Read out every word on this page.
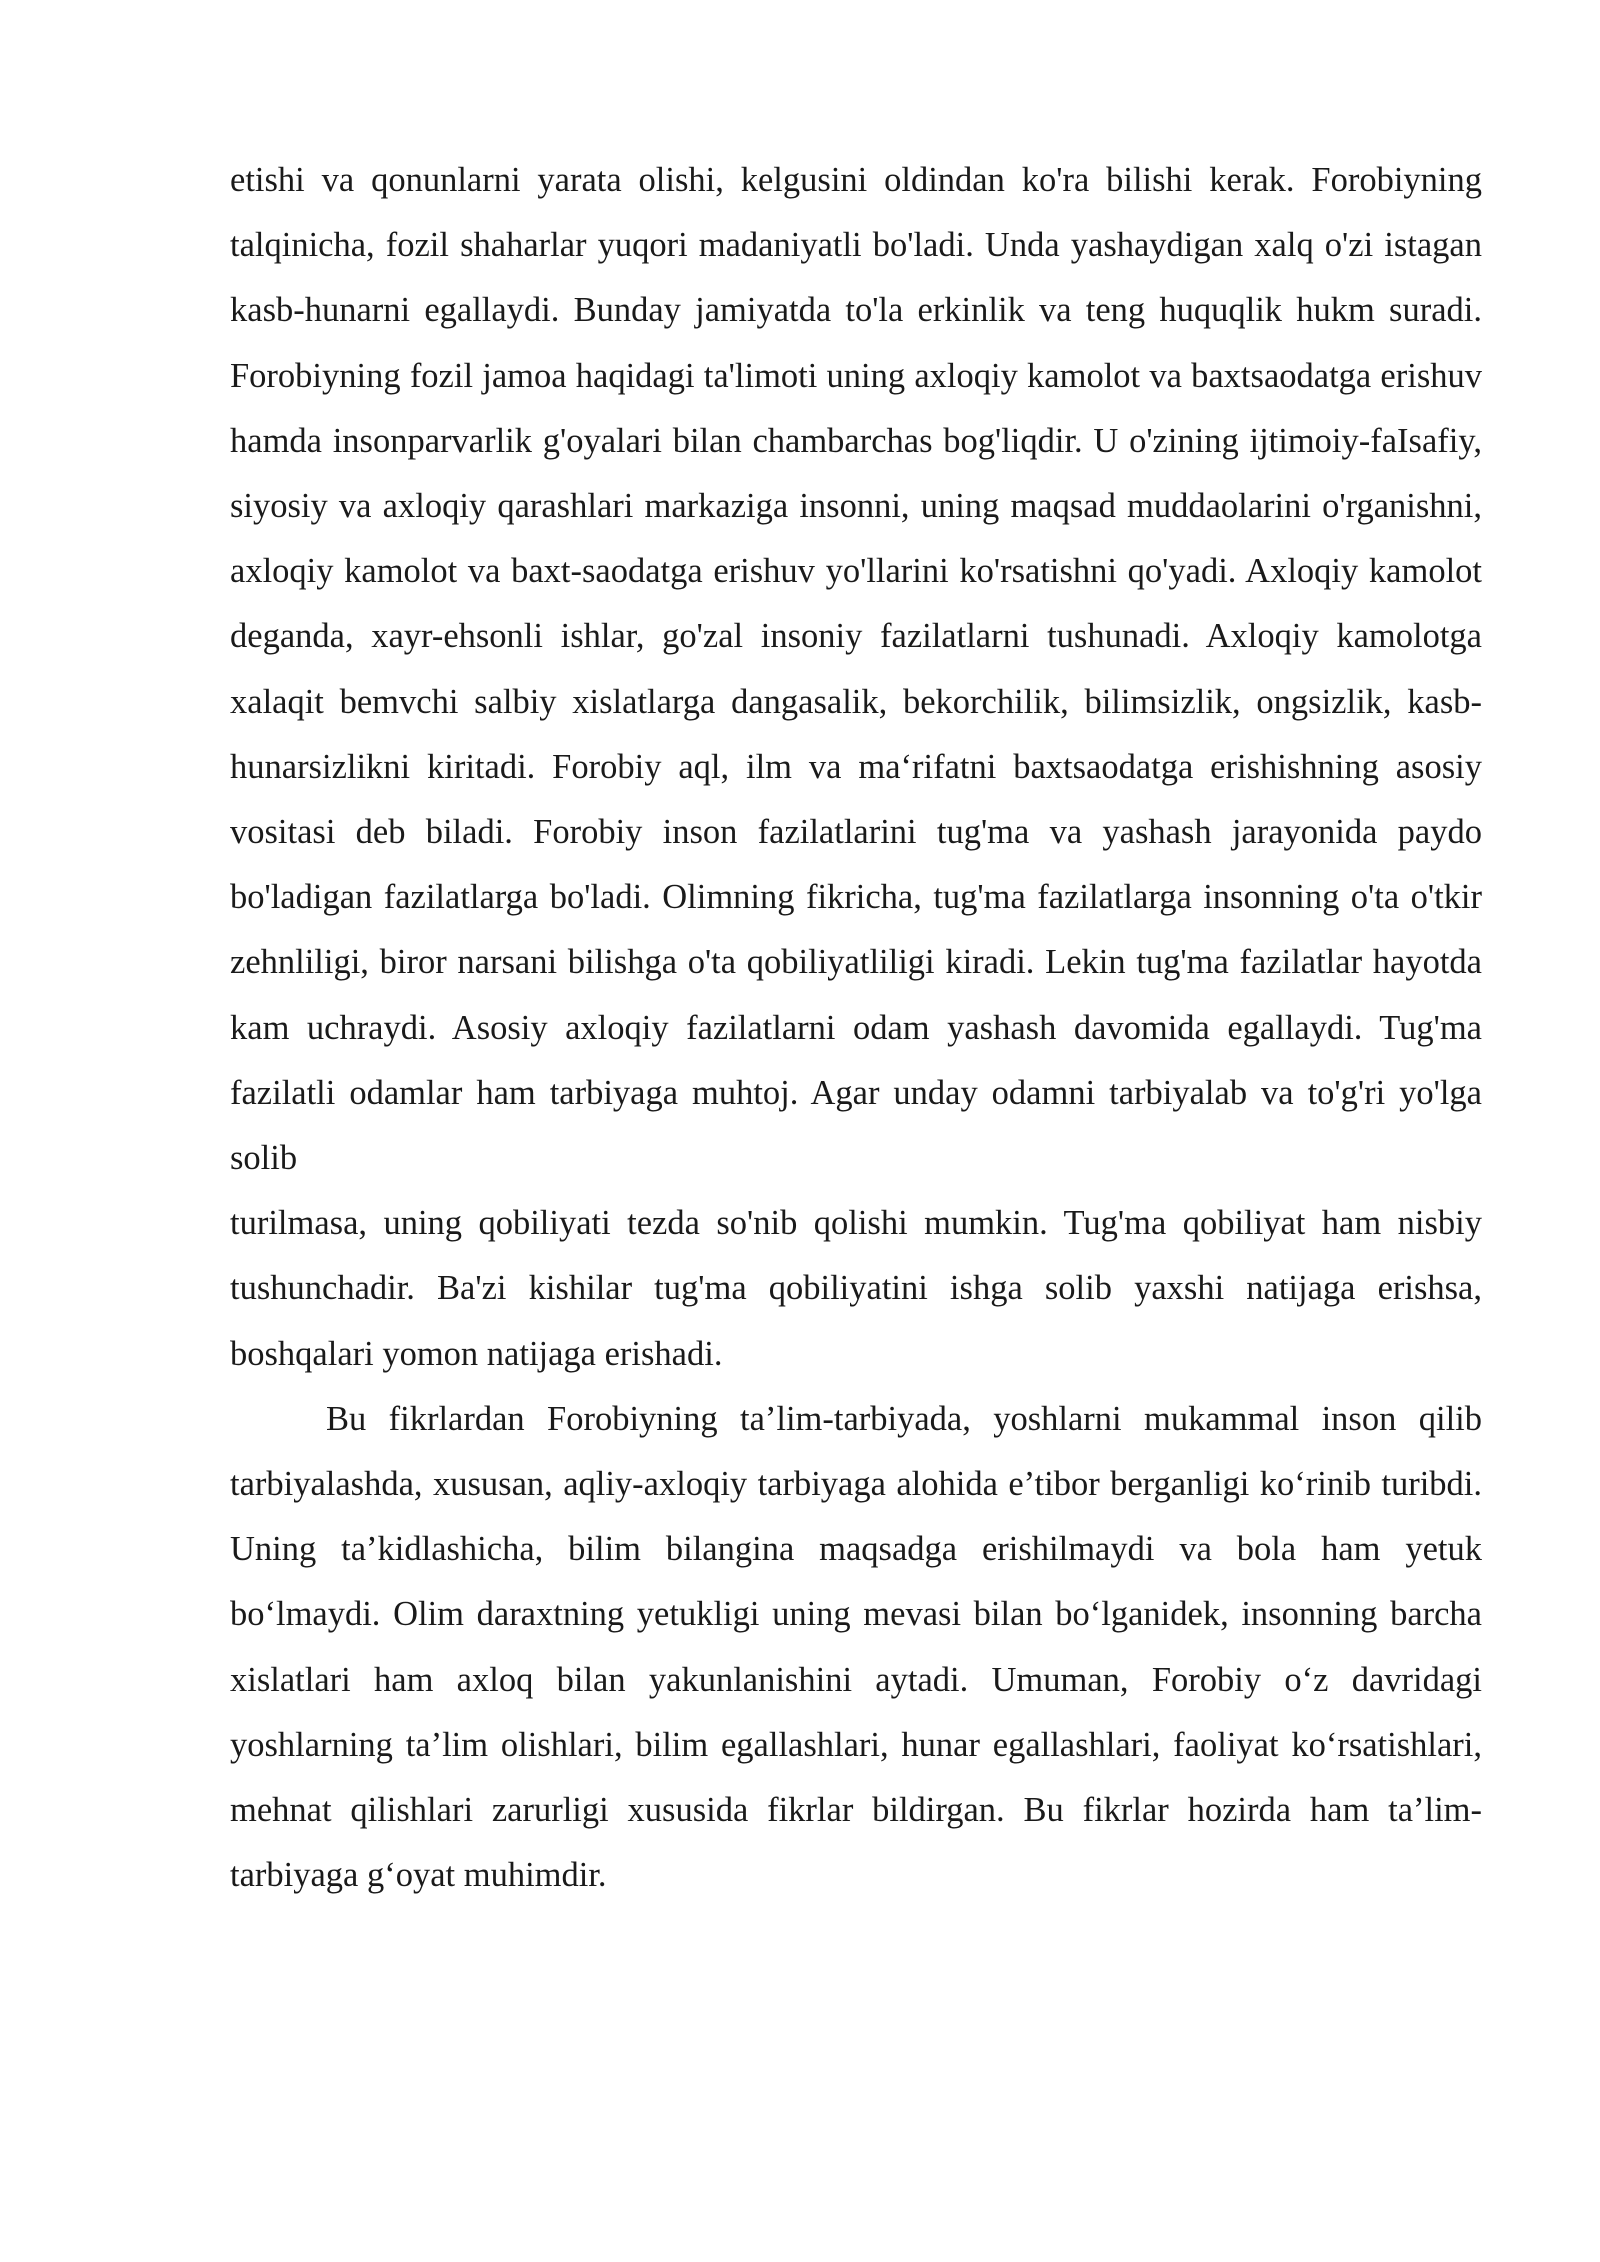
etishi va qonunlarni yarata olishi, kelgusini oldindan ko'ra bilishi kerak. Forobiyning talqinicha, fozil shaharlar yuqori madaniyatli bo'ladi. Unda yashaydigan xalq o'zi istagan kasb-hunarni egallaydi. Bunday jamiyatda to'la erkinlik va teng huquqlik hukm suradi. Forobiyning fozil jamoa haqidagi ta'limoti uning axloqiy kamolot va baxtsaodatga erishuv hamda insonparvarlik g'oyalari bilan chambarchas bog'liqdir. U o'zining ijtimoiy-faIsafiy, siyosiy va axloqiy qarashlari markaziga insonni, uning maqsad muddaolarini o'rganishni, axloqiy kamolot va baxt-saodatga erishuv yo'llarini ko'rsatishni qo'yadi. Axloqiy kamolot deganda, xayr-ehsonli ishlar, go'zal insoniy fazilatlarni tushunadi. Axloqiy kamolotga xalaqit bemvchi salbiy xislatlarga dangasalik, bekorchilik, bilimsizlik, ongsizlik, kasb- hunarsizlikni kiritadi. Forobiy aql, ilm va maʻrifatni baxtsaodatga erishishning asosiy vositasi deb biladi. Forobiy inson fazilatlarini tug'ma va yashash jarayonida paydo bo'ladigan fazilatlarga bo'ladi. Olimning fikricha, tug'ma fazilatlarga insonning o'ta o'tkir zehnliligi, biror narsani bilishga o'ta qobiliyatliligi kiradi. Lekin tug'ma fazilatlar hayotda kam uchraydi. Asosiy axloqiy fazilatlarni odam yashash davomida egallaydi. Tug'ma fazilatli odamlar ham tarbiyaga muhtoj. Agar unday odamni tarbiyalab va to'g'ri yo'lga solib

turilmasa, uning qobiliyati tezda so'nib qolishi mumkin. Tug'ma qobiliyat ham nisbiy tushunchadir. Ba'zi kishilar tug'ma qobiliyatini ishga solib yaxshi natijaga erishsa, boshqalari yomon natijaga erishadi.

Bu fikrlardan Forobiyning ta’lim-tarbiyada, yoshlarni mukammal inson qilib tarbiyalashda, xususan, aqliy-axloqiy tarbiyaga alohida e’tibor berganligi koʻrinib turibdi. Uning ta’kidlashicha, bilim bilangina maqsadga erishilmaydi va bola ham yetuk boʻlmaydi. Olim daraxtning yetukligi uning mevasi bilan boʻlganidek, insonning barcha xislatlari ham axloq bilan yakunlanishini aytadi. Umuman, Forobiy oʻz davridagi yoshlarning ta’lim olishlari, bilim egallashlari, hunar egallashlari, faoliyat koʻrsatishlari, mehnat qilishlari zarurligi xususida fikrlar bildirgan. Bu fikrlar hozirda ham ta’lim-tarbiyaga gʻoyat muhimdir.
